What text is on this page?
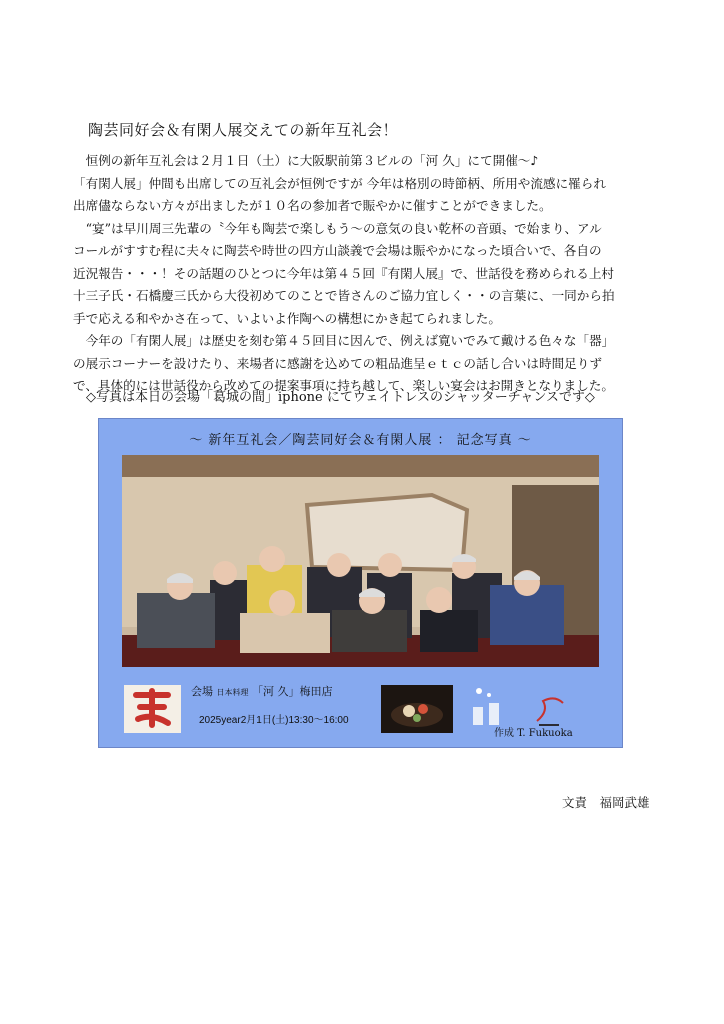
陶芸同好会＆有閑人展交えての新年互礼会！

　恒例の新年互礼会は２月１日（土）に大阪駅前第３ビルの「河 久」にて開催～♪

「有閑人展」仲間も出席しての互礼会が恒例ですが 今年は格別の時節柄、所用や流感に罹られ

出席儘ならない方々が出ましたが１０名の参加者で賑やかに催すことができました。

　“宴”は早川周三先輩の〝今年も陶芸で楽しもう～の意気の良い乾杯の音頭〟で始まり、アル

コールがすすむ程に夫々に陶芸や時世の四方山談義で会場は賑やかになった頃合いで、各自の

近況報告・・・！その話題のひとつに今年は第４５回『有閑人展』で、世話役を務められる上村

十三子氏・石橋慶三氏から大役初めてのことで皆さんのご協力宜しく・・の言葉に、一同から拍

手で応える和やかさ在って、いよいよ作陶への構想にかき起てられました。

　今年の「有閑人展」は歴史を刻む第４５回目に因んで、例えば寛いでみて戴ける色々な「器」

の展示コーナーを設けたり、来場者に感謝を込めての粗品進呈ｅｔｃの話し合いは時間足りず

で、具体的には世話役から改めての提案事項に持ち越して、楽しい宴会はお開きとなりました。

◇写真は本日の会場「葛城の間」iphone にてウェイトレスのシャッターチャンスです◇
～ 新年互礼会／陶芸同好会＆有閑人展 ： 記念写真 ～
会場 日本料理 「河 久」梅田店
2025year2月1日(土)13:30～16:00
作成 T. Fukuoka
文責　福岡武雄
